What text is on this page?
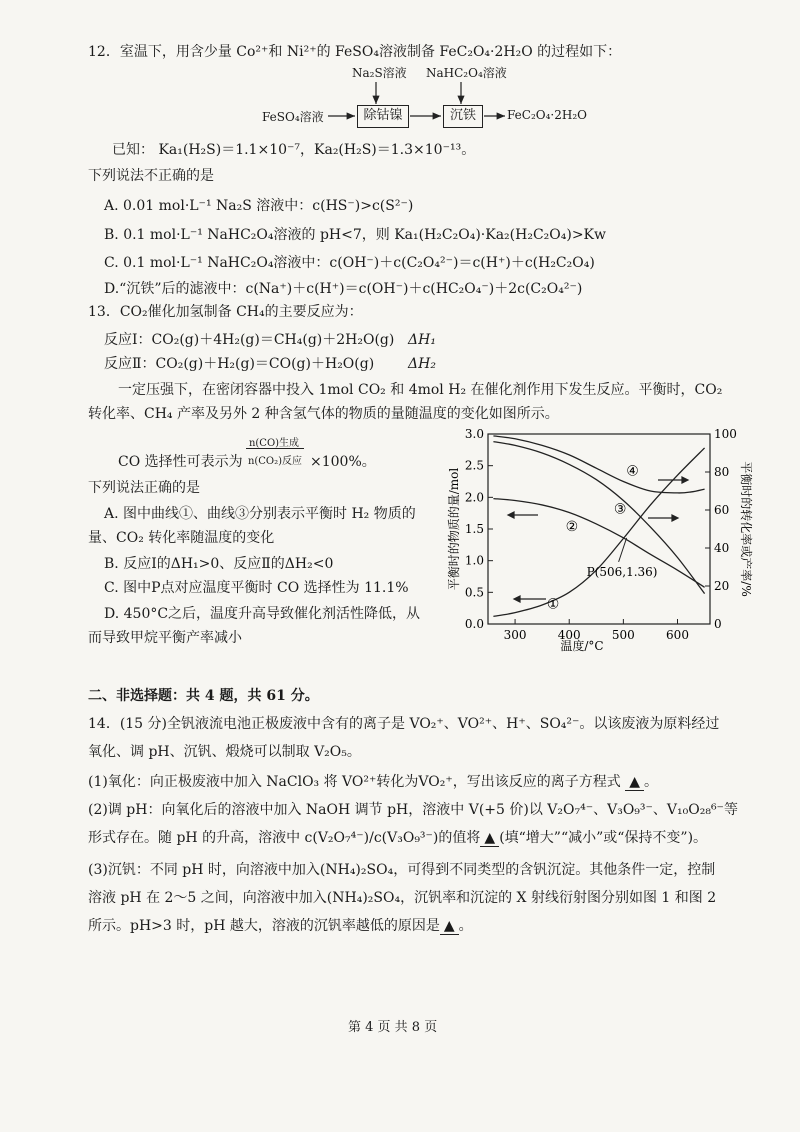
12．室温下，用含少量 Co²⁺和 Ni²⁺的 FeSO₄溶液制备 FeC₂O₄·2H₂O 的过程如下：
Na₂S溶液 NaHC₂O₄溶液
FeSO₄溶液	除钴镍	沉铁	FeC₂O₄·2H₂O
已知： Ka₁(H₂S)＝1.1×10⁻⁷，Ka₂(H₂S)＝1.3×10⁻¹³。
下列说法不正确的是
A. 0.01 mol·L⁻¹ Na₂S 溶液中：c(HS⁻)>c(S²⁻)
B. 0.1 mol·L⁻¹ NaHC₂O₄溶液的 pH<7，则 Ka₁(H₂C₂O₄)·Ka₂(H₂C₂O₄)>Kw
C. 0.1 mol·L⁻¹ NaHC₂O₄溶液中：c(OH⁻)＋c(C₂O₄²⁻)＝c(H⁺)＋c(H₂C₂O₄)
D.“沉铁”后的滤液中：c(Na⁺)＋c(H⁺)＝c(OH⁻)＋c(HC₂O₄⁻)＋2c(C₂O₄²⁻)
13．CO₂催化加氢制备 CH₄的主要反应为：
反应Ⅰ：CO₂(g)＋4H₂(g)＝CH₄(g)＋2H₂O(g) ΔH₁
反应Ⅱ：CO₂(g)＋H₂(g)＝CO(g)＋H₂O(g) ΔH₂
一定压强下，在密闭容器中投入 1mol CO₂ 和 4mol H₂ 在催化剂作用下发生反应。平衡时，CO₂
转化率、CH₄ 产率及另外 2 种含氢气体的物质的量随温度的变化如图所示。
CO 选择性可表示为
n(CO)生成
n(CO₂)反应 ×100%。
下列说法正确的是
A. 图中曲线①、曲线③分别表示平衡时 H₂ 物质的
量、CO₂ 转化率随温度的变化
B. 反应Ⅰ的ΔH₁>0、反应Ⅱ的ΔH₂<0
C. 图中P点对应温度平衡时 CO 选择性为 11.1%
D. 450°C之后，温度升高导致催化剂活性降低，从
而导致甲烷平衡产率减小
0.0
0.5
1.0
1.5
2.0
2.5
3.0
0
20
40
60
80
100
300	400	500	600
④
③
②
①
P(506,1.36)
温度/°C
平衡时的物质的量/mol	平衡时的转化率或产率/%
二、非选择题：共 4 题，共 61 分。
14．(15 分)全钒液流电池正极废液中含有的离子是 VO₂⁺、VO²⁺、H⁺、SO₄²⁻。以该废液为原料经过
氧化、调 pH、沉钒、煅烧可以制取 V₂O₅。
(1)氧化：向正极废液中加入 NaClO₃ 将 VO²⁺转化为VO₂⁺，写出该反应的离子方程式 ▲ 。
(2)调 pH：向氧化后的溶液中加入 NaOH 调节 pH，溶液中 V(+5 价)以 V₂O₇⁴⁻、V₃O₉³⁻、V₁₀O₂₈⁶⁻等
形式存在。随 pH 的升高，溶液中 c(V₂O₇⁴⁻)/c(V₃O₉³⁻)的值将 ▲ (填“增大”“减小”或“保持不变”)。
(3)沉钒：不同 pH 时，向溶液中加入(NH₄)₂SO₄，可得到不同类型的含钒沉淀。其他条件一定，控制
溶液 pH 在 2～5 之间，向溶液中加入(NH₄)₂SO₄，沉钒率和沉淀的 X 射线衍射图分别如图 1 和图 2
所示。pH>3 时，pH 越大，溶液的沉钒率越低的原因是 ▲ 。
第 4 页 共 8 页
